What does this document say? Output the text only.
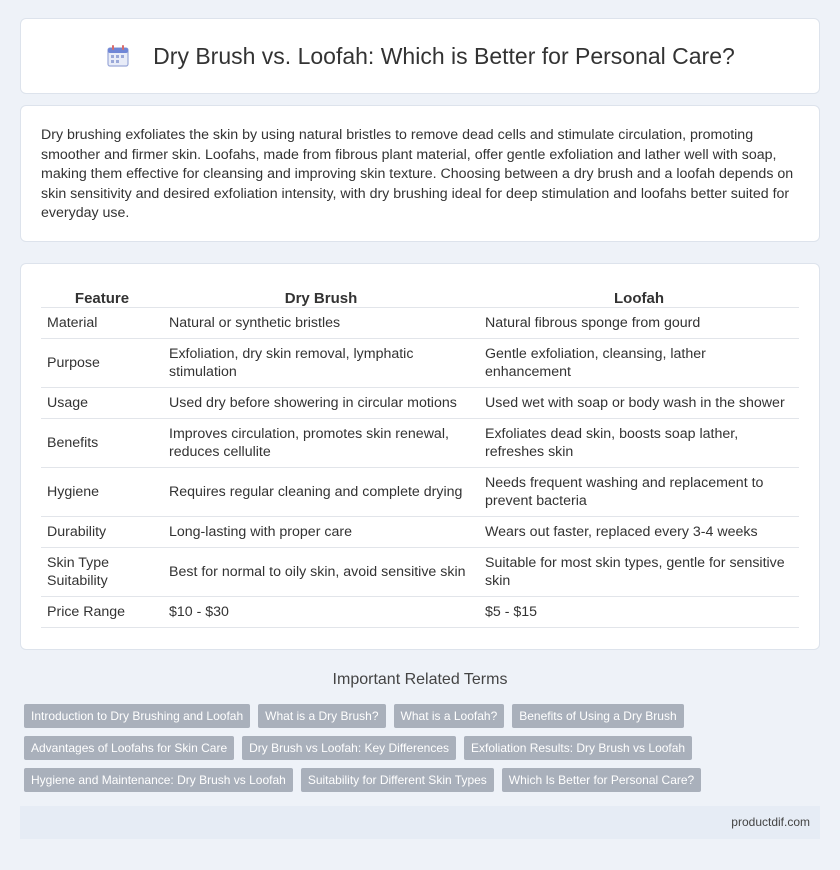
Dry Brush vs. Loofah: Which is Better for Personal Care?

Dry brushing exfoliates the skin by using natural bristles to remove dead cells and stimulate circulation, promoting smoother and firmer skin. Loofahs, made from fibrous plant material, offer gentle exfoliation and lather well with soap, making them effective for cleansing and improving skin texture. Choosing between a dry brush and a loofah depends on skin sensitivity and desired exfoliation intensity, with dry brushing ideal for deep stimulation and loofahs better suited for everyday use.

Feature	Dry Brush	Loofah
Material	Natural or synthetic bristles	Natural fibrous sponge from gourd
Purpose	Exfoliation, dry skin removal, lymphatic stimulation	Gentle exfoliation, cleansing, lather enhancement
Usage	Used dry before showering in circular motions	Used wet with soap or body wash in the shower
Benefits	Improves circulation, promotes skin renewal, reduces cellulite	Exfoliates dead skin, boosts soap lather, refreshes skin
Hygiene	Requires regular cleaning and complete drying	Needs frequent washing and replacement to prevent bacteria
Durability	Long-lasting with proper care	Wears out faster, replaced every 3-4 weeks
Skin Type Suitability	Best for normal to oily skin, avoid sensitive skin	Suitable for most skin types, gentle for sensitive skin
Price Range	$10 - $30	$5 - $15
Important Related Terms
Introduction to Dry Brushing and Loofah	What is a Dry Brush?	What is a Loofah?	Benefits of Using a Dry Brush
Advantages of Loofahs for Skin Care	Dry Brush vs Loofah: Key Differences	Exfoliation Results: Dry Brush vs Loofah
Hygiene and Maintenance: Dry Brush vs Loofah	Suitability for Different Skin Types	Which Is Better for Personal Care?
productdif.com
